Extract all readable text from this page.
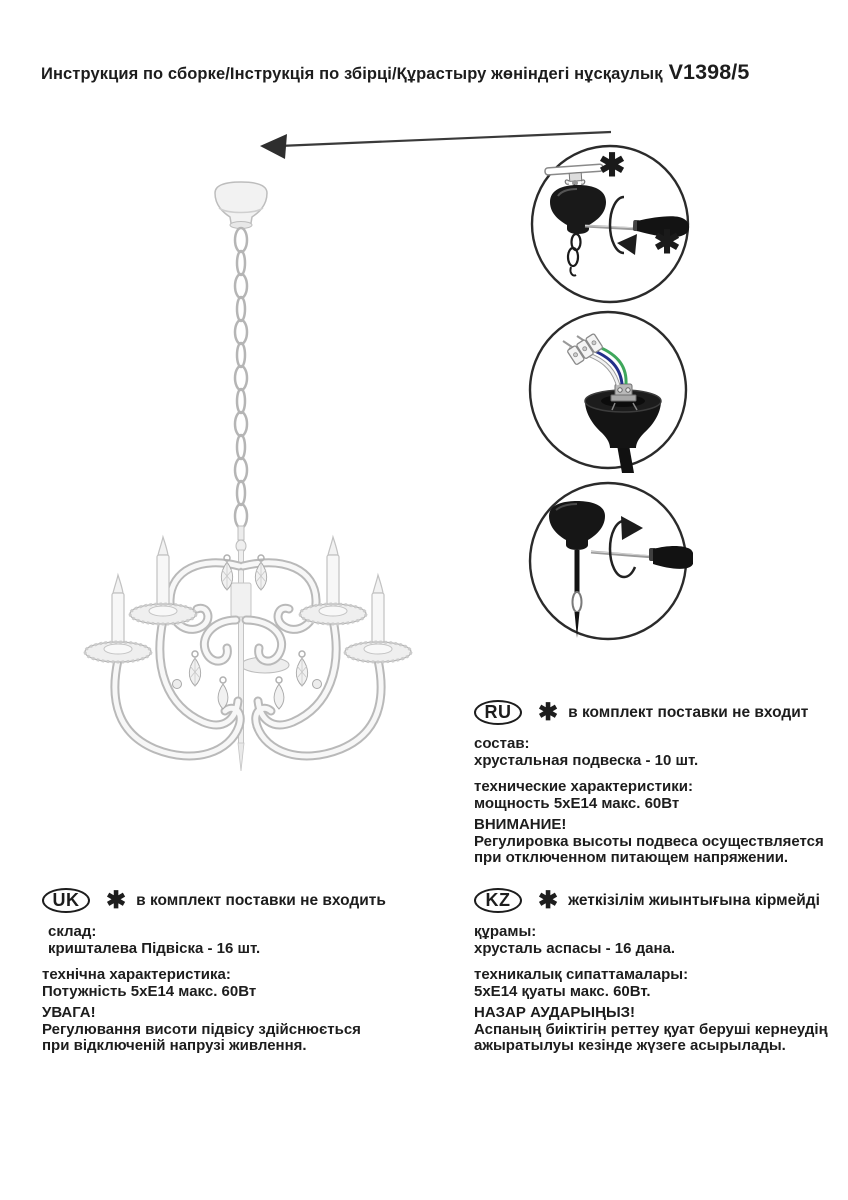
Инструкция по сборке/Інструкція по збірці/Құрастыру жөніндегі нұсқаулық V1398/5
✱
✱
RU	✱ в комплект поставки не входит

состав:

хрустальная подвеска - 10 шт.

технические характеристики:

мощность 5хЕ14 макс. 60Вт

ВНИМАНИЕ!

Регулировка высоты подвеса осуществляется

при отключенном питающем напряжении.

UK	✱ в комплект поставки не входить

склад:

кришталева Підвіска - 16 шт.

технічна характеристика:

Потужність 5хЕ14 макс. 60Вт

УВАГА!

Регулювання висоти підвісу здійснюється

при відключеній напрузі живлення.

KZ	✱ жеткізілім жиынтығына кірмейді

құрамы:

хрусталь аспасы - 16 дана.

техникалық сипаттамалары:

5хЕ14 қуаты макс. 60Вт.

НАЗАР АУДАРЫҢЫЗ!

Аспаның биіктігін реттеу қуат беруші кернеудің

ажыратылуы кезінде жүзеге асырылады.
